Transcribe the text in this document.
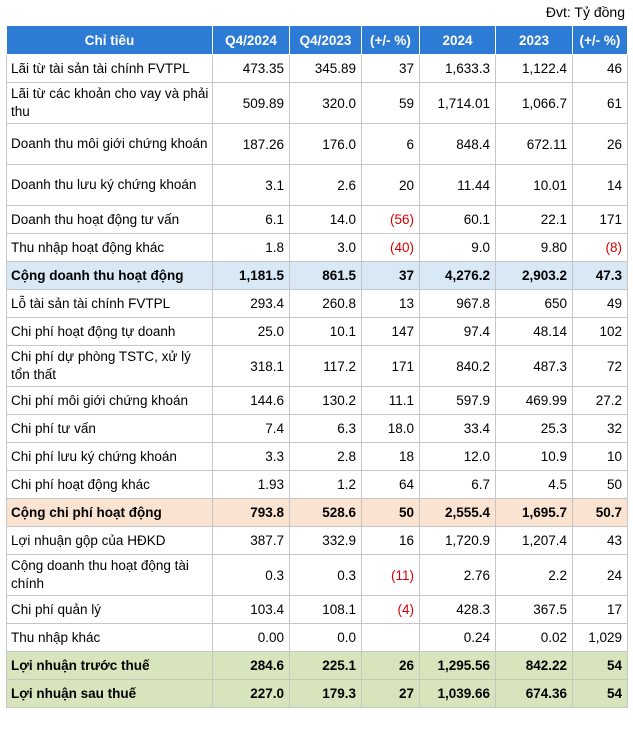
Đvt: Tỷ đồng
Chỉ tiêu	Q4/2024	Q4/2023	(+/- %)	2024	2023	(+/- %)
Lãi từ tài sản tài chính FVTPL	473.35	345.89	37	1,633.3	1,122.4	46
Lãi từ các khoản cho vay và phải thu	509.89	320.0	59	1,714.01	1,066.7	61
Doanh thu môi giới chứng khoán	187.26	176.0	6	848.4	672.11	26
Doanh thu lưu ký chứng khoán	3.1	2.6	20	11.44	10.01	14
Doanh thu hoạt động tư vấn	6.1	14.0	(56)	60.1	22.1	171
Thu nhập hoạt động khác	1.8	3.0	(40)	9.0	9.80	(8)
Cộng doanh thu hoạt động	1,181.5	861.5	37	4,276.2	2,903.2	47.3
Lỗ tài sản tài chính FVTPL	293.4	260.8	13	967.8	650	49
Chi phí hoạt động tự doanh	25.0	10.1	147	97.4	48.14	102
Chi phí dự phòng TSTC, xử lý tổn thất	318.1	117.2	171	840.2	487.3	72
Chi phí môi giới chứng khoán	144.6	130.2	11.1	597.9	469.99	27.2
Chi phí tư vấn	7.4	6.3	18.0	33.4	25.3	32
Chi phí lưu ký chứng khoán	3.3	2.8	18	12.0	10.9	10
Chi phí hoạt động khác	1.93	1.2	64	6.7	4.5	50
Cộng chi phí hoạt động	793.8	528.6	50	2,555.4	1,695.7	50.7
Lợi nhuận gộp của HĐKD	387.7	332.9	16	1,720.9	1,207.4	43
Cộng doanh thu hoạt động tài chính	0.3	0.3	(11)	2.76	2.2	24
Chi phí quản lý	103.4	108.1	(4)	428.3	367.5	17
Thu nhập khác	0.00	0.0		0.24	0.02	1,029
Lợi nhuận trước thuế	284.6	225.1	26	1,295.56	842.22	54
Lợi nhuận sau thuế	227.0	179.3	27	1,039.66	674.36	54
